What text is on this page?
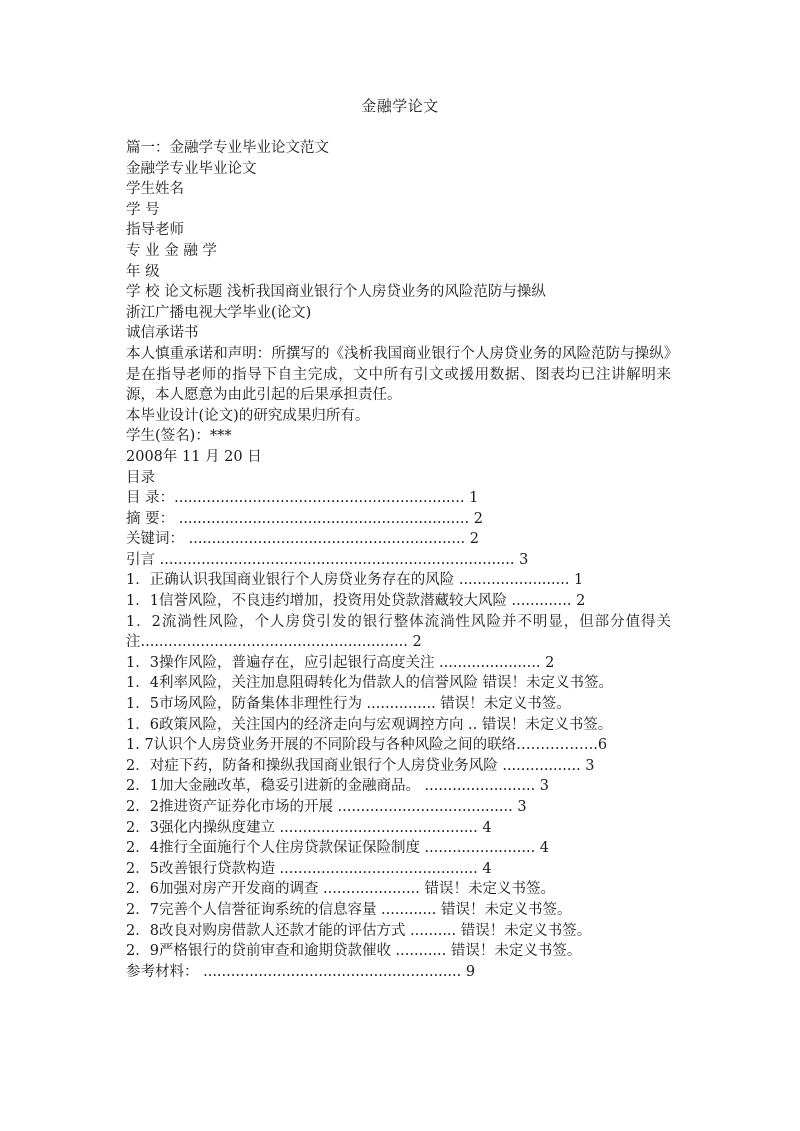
金融学论文
篇一：金融学专业毕业论文范文
金融学专业毕业论文
学生姓名
学 号
指导老师
专 业 金 融 学
年 级
学 校 论文标题 浅析我国商业银行个人房贷业务的风险范防与操纵
浙江广播电视大学毕业(论文)
诚信承诺书
本人慎重承诺和声明：所撰写的《浅析我国商业银行个人房贷业务的风险范防与操纵》是在指导老师的指导下自主完成，文中所有引文或援用数据、图表均已注讲解明来源，本人愿意为由此引起的后果承担责任。
本毕业设计(论文)的研究成果归所有。
学生(签名)：***
2008年 11 月 20 日
目录
目 录：............................................................... 1
摘 要： ............................................................... 2
关键词： ............................................................ 2
引言 ............................................................................. 3
1．正确认识我国商业银行个人房贷业务存在的风险 ........................ 1
1．1信誉风险，不良违约增加，投资用处贷款潜藏较大风险 ............. 2
1．2流淌性风险，个人房贷引发的银行整体流淌性风险并不明显，但部分值得关注.......................................................... 2
1．3操作风险，普遍存在，应引起银行高度关注 ...................... 2
1．4利率风险，关注加息阻碍转化为借款人的信誉风险 错误！未定义书签。
1．5市场风险，防备集体非理性行为 ............... 错误！未定义书签。
1．6政策风险，关注国内的经济走向与宏观调控方向 .. 错误！未定义书签。
1. 7认识个人房贷业务开展的不同阶段与各种风险之间的联络……………..6
2．对症下药，防备和操纵我国商业银行个人房贷业务风险 ................. 3
2．1加大金融改革，稳妥引进新的金融商品。 ........................ 3
2．2推进资产证券化市场的开展 ...................................... 3
2．3强化内操纵度建立 ........................................... 4
2．4推行全面施行个人住房贷款保证保险制度 ........................ 4
2．5改善银行贷款构造 ........................................... 4
2．6加强对房产开发商的调查 ..................... 错误！未定义书签。
2．7完善个人信誉征询系统的信息容量 ............ 错误！未定义书签。
2．8改良对购房借款人还款才能的评估方式 .......... 错误！未定义书签。
2．9严格银行的贷前审查和逾期贷款催收 ........... 错误！未定义书签。
参考材料： ........................................................ 9
